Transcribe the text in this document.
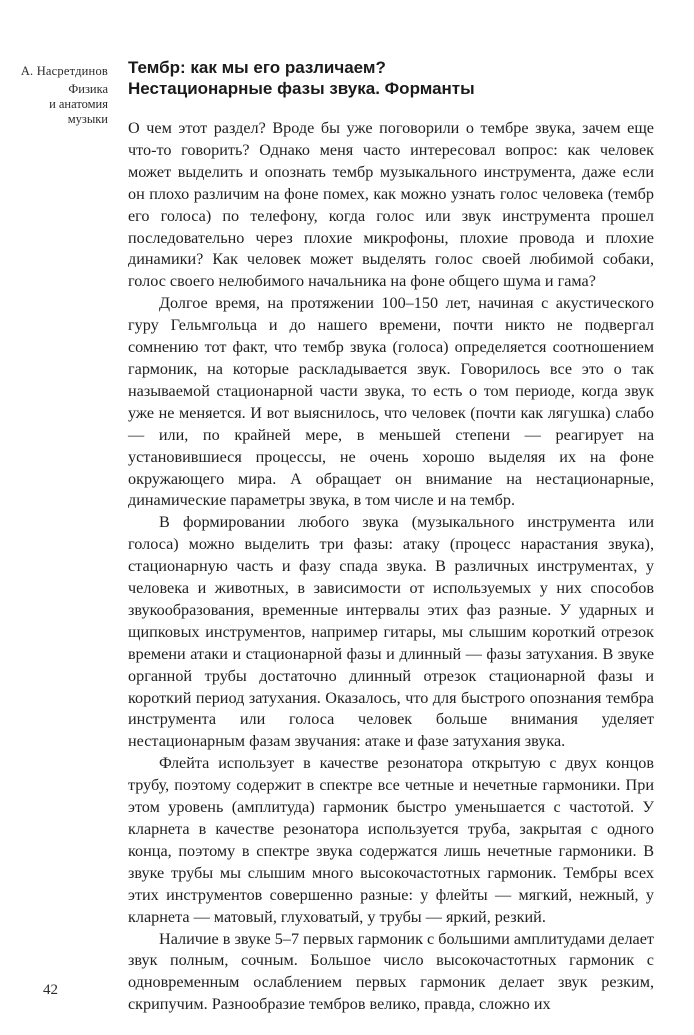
А. Насретдинов
Физика
и анатомия
музыки
Тембр: как мы его различаем?
Нестационарные фазы звука. Форманты

О чем этот раздел? Вроде бы уже поговорили о тембре звука, зачем еще что-то говорить? Однако меня часто интересовал вопрос: как человек может выделить и опознать тембр музыкального инструмента, даже если он плохо различим на фоне помех, как можно узнать голос человека (тембр его голоса) по телефону, когда голос или звук инструмента прошел последовательно через плохие микрофоны, плохие провода и плохие динамики? Как человек может выделять голос своей любимой собаки, голос своего нелюбимого начальника на фоне общего шума и гама?

Долгое время, на протяжении 100–150 лет, начиная с акустического гуру Гельмгольца и до нашего времени, почти никто не подвергал сомнению тот факт, что тембр звука (голоса) определяется соотношением гармоник, на которые раскладывается звук. Говорилось все это о так называемой стационарной части звука, то есть о том периоде, когда звук уже не меняется. И вот выяснилось, что человек (почти как лягушка) слабо — или, по крайней мере, в меньшей степени — реагирует на установившиеся процессы, не очень хорошо выделяя их на фоне окружающего мира. А обращает он внимание на нестационарные, динамические параметры звука, в том числе и на тембр.

В формировании любого звука (музыкального инструмента или голоса) можно выделить три фазы: атаку (процесс нарастания звука), стационарную часть и фазу спада звука. В различных инструментах, у человека и животных, в зависимости от используемых у них способов звукообразования, временные интервалы этих фаз разные. У ударных и щипковых инструментов, например гитары, мы слышим короткий отрезок времени атаки и стационарной фазы и длинный — фазы затухания. В звуке органной трубы достаточно длинный отрезок стационарной фазы и короткий период затухания. Оказалось, что для быстрого опознания тембра инструмента или голоса человек больше внимания уделяет нестационарным фазам звучания: атаке и фазе затухания звука.

Флейта использует в качестве резонатора открытую с двух концов трубу, поэтому содержит в спектре все четные и нечетные гармоники. При этом уровень (амплитуда) гармоник быстро уменьшается с частотой. У кларнета в качестве резонатора используется труба, закрытая с одного конца, поэтому в спектре звука содержатся лишь нечетные гармоники. В звуке трубы мы слышим много высокочастотных гармоник. Тембры всех этих инструментов совершенно разные: у флейты — мягкий, нежный, у кларнета — матовый, глуховатый, у трубы — яркий, резкий.

Наличие в звуке 5–7 первых гармоник с большими амплитудами делает звук полным, сочным. Большое число высокочастотных гармоник с одновременным ослаблением первых гармоник делает звук резким, скрипучим. Разнообразие тембров велико, правда, сложно их

42
